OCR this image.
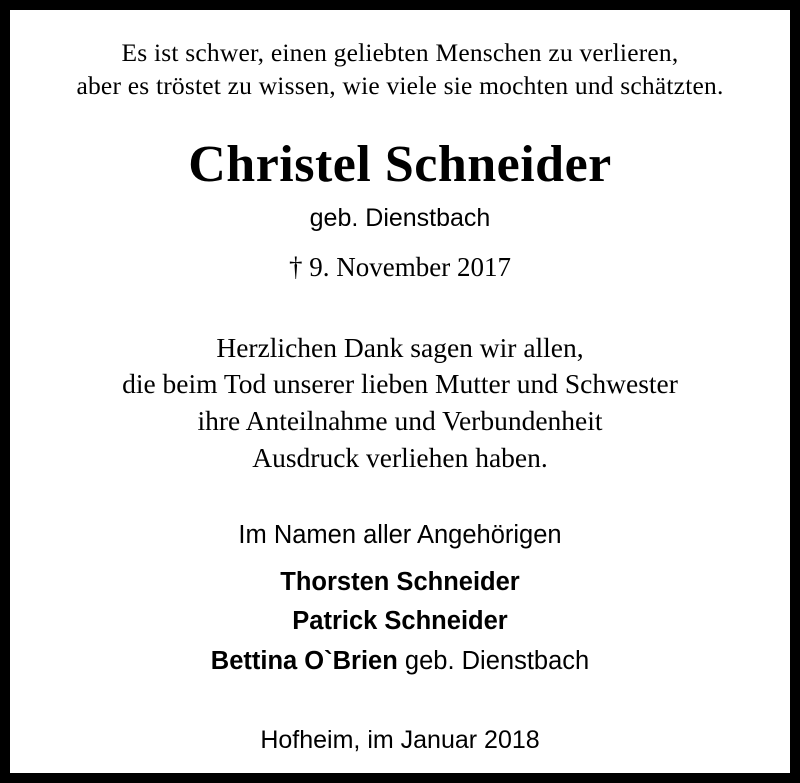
Es ist schwer, einen geliebten Menschen zu verlieren,
aber es tröstet zu wissen, wie viele sie mochten und schätzten.

Christel Schneider

geb. Dienstbach

† 9. November 2017

Herzlichen Dank sagen wir allen,
die beim Tod unserer lieben Mutter und Schwester
ihre Anteilnahme und Verbundenheit
Ausdruck verliehen haben.

Im Namen aller Angehörigen

Thorsten Schneider
Patrick Schneider
Bettina O`Brien geb. Dienstbach

Hofheim, im Januar 2018
